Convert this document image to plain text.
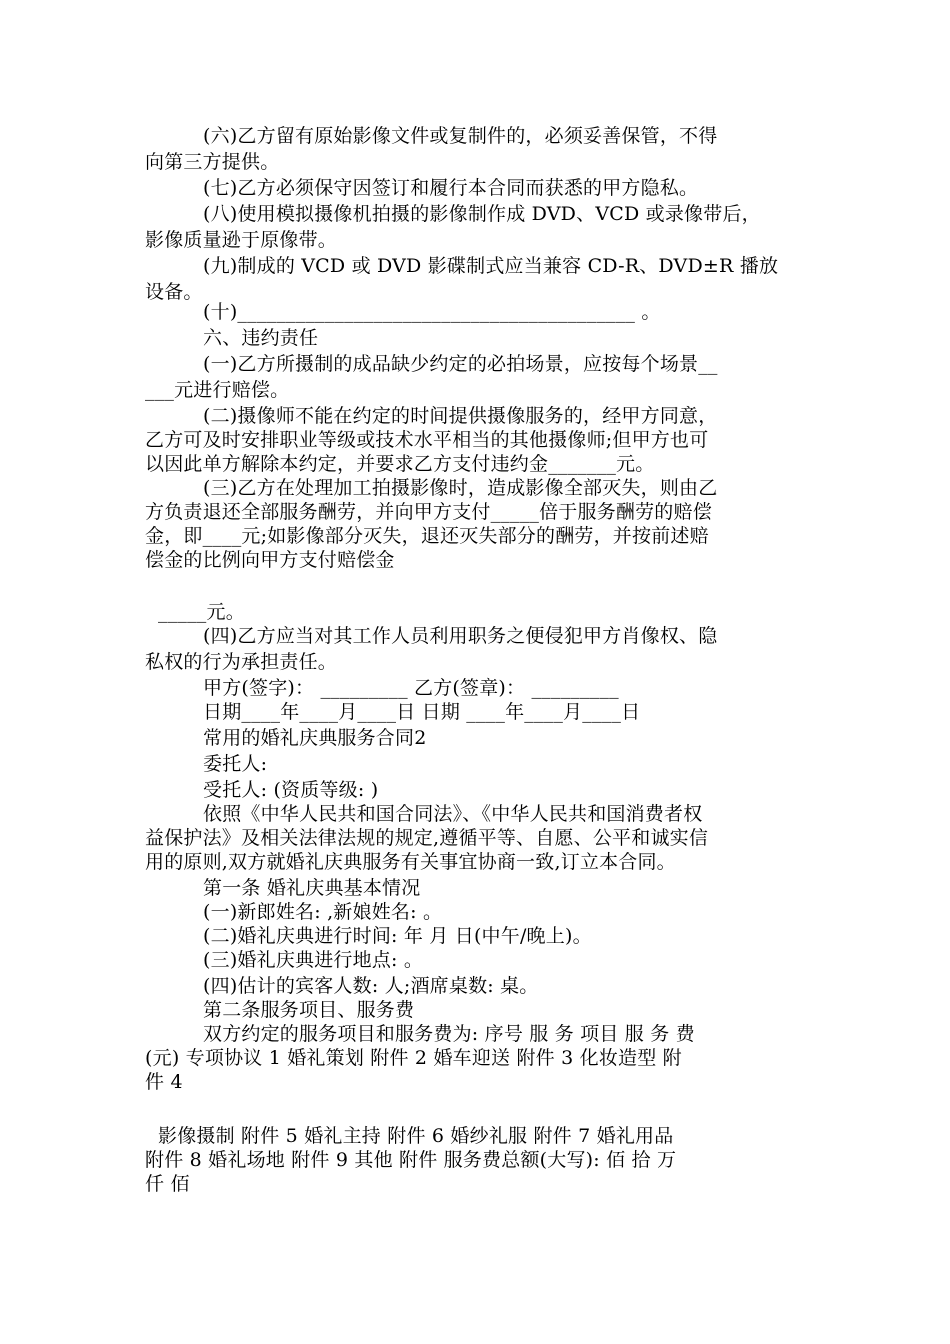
(六)乙方留有原始影像文件或复制件的，必须妥善保管，不得
向第三方提供。
(七)乙方必须保守因签订和履行本合同而获悉的甲方隐私。
(八)使用模拟摄像机拍摄的影像制作成 DVD、VCD 或录像带后，
影像质量逊于原像带。
(九)制成的 VCD 或 DVD 影碟制式应当兼容 CD-R、DVD±R 播放
设备。
(十)_________________________________________ 。
六、违约责任
(一)乙方所摄制的成品缺少约定的必拍场景，应按每个场景__
___元进行赔偿。
(二)摄像师不能在约定的时间提供摄像服务的，经甲方同意，
乙方可及时安排职业等级或技术水平相当的其他摄像师;但甲方也可
以因此单方解除本约定，并要求乙方支付违约金_______元。
(三)乙方在处理加工拍摄影像时，造成影像全部灭失，则由乙
方负责退还全部服务酬劳，并向甲方支付_____倍于服务酬劳的赔偿
金，即____元;如影像部分灭失，退还灭失部分的酬劳，并按前述赔
偿金的比例向甲方支付赔偿金
_____元。
(四)乙方应当对其工作人员利用职务之便侵犯甲方肖像权、隐
私权的行为承担责任。
甲方(签字)： _________ 乙方(签章)： _________
日期____年____月____日 日期 ____年____月____日
常用的婚礼庆典服务合同2
委托人:
受托人: (资质等级: )
依照《中华人民共和国合同法》、《中华人民共和国消费者权
益保护法》及相关法律法规的规定,遵循平等、自愿、公平和诚实信
用的原则,双方就婚礼庆典服务有关事宜协商一致,订立本合同。
第一条 婚礼庆典基本情况
(一)新郎姓名: ,新娘姓名: 。
(二)婚礼庆典进行时间: 年 月 日(中午/晚上)。
(三)婚礼庆典进行地点: 。
(四)估计的宾客人数: 人;酒席桌数: 桌。
第二条服务项目、服务费
双方约定的服务项目和服务费为: 序号 服 务 项目 服 务 费
(元) 专项协议 1 婚礼策划 附件 2 婚车迎送 附件 3 化妆造型 附
件 4
影像摄制 附件 5 婚礼主持 附件 6 婚纱礼服 附件 7 婚礼用品
附件 8 婚礼场地 附件 9 其他 附件 服务费总额(大写): 佰 拾 万
仟 佰
